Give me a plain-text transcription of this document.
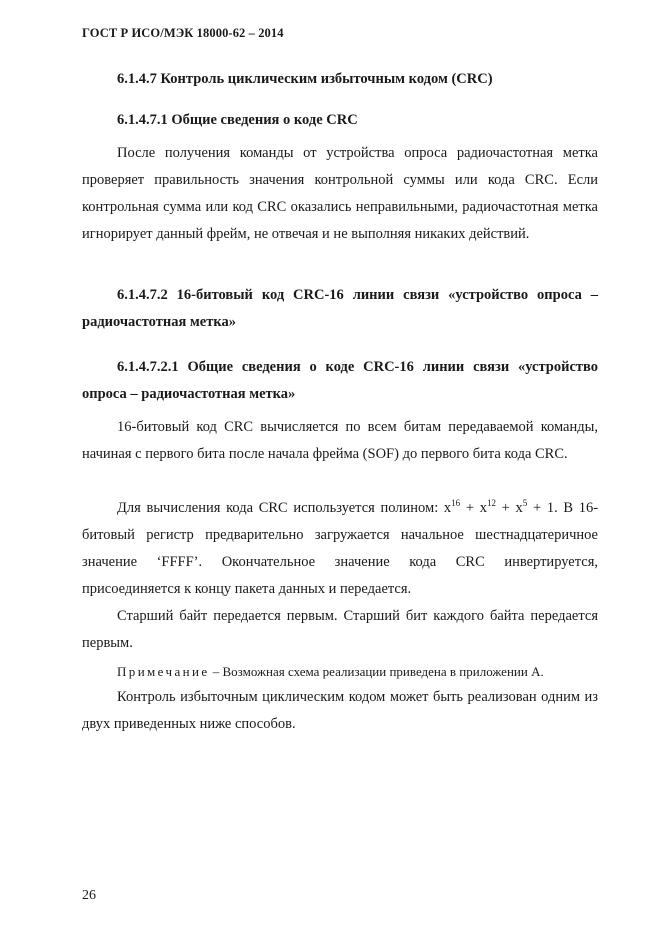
ГОСТ Р ИСО/МЭК 18000-62 – 2014
6.1.4.7 Контроль циклическим избыточным кодом (CRC)
6.1.4.7.1 Общие сведения о коде CRC
После получения команды от устройства опроса радиочастотная метка проверяет правильность значения контрольной суммы или кода CRC. Если контрольная сумма или код CRC оказались неправильными, радиочастотная метка игнорирует данный фрейм, не отвечая и не выполняя никаких действий.
6.1.4.7.2 16-битовый код CRC-16 линии связи «устройство опроса – радиочастотная метка»
6.1.4.7.2.1 Общие сведения о коде CRC-16 линии связи «устройство опроса – радиочастотная метка»
16-битовый код CRC вычисляется по всем битам передаваемой команды, начиная с первого бита после начала фрейма (SOF) до первого бита кода CRC.
Для вычисления кода CRC используется полином: $x^{16} + x^{12} + x^5 + 1$. В 16-битовый регистр предварительно загружается начальное шестнадцатеричное значение ‘FFFF’. Окончательное значение кода CRC инвертируется, присоединяется к концу пакета данных и передается.
Старший байт передается первым. Старший бит каждого байта передается первым.
Примечание – Возможная схема реализации приведена в приложении А.
Контроль избыточным циклическим кодом может быть реализован одним из двух приведенных ниже способов.
26
